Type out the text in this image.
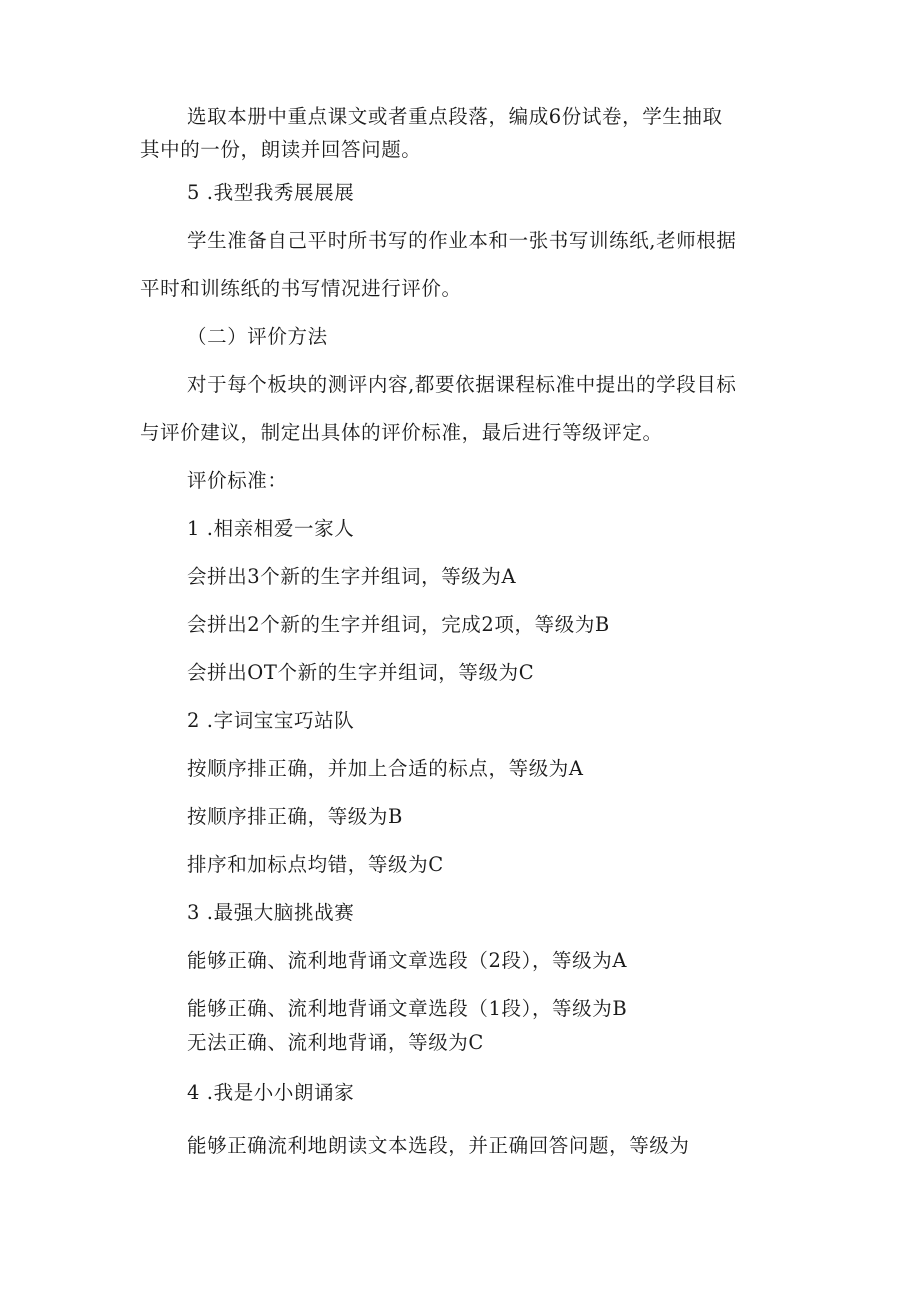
选取本册中重点课文或者重点段落，编成6份试卷，学生抽取
其中的一份，朗读并回答问题。
5 .我型我秀展展展
学生准备自己平时所书写的作业本和一张书写训练纸,老师根据
平时和训练纸的书写情况进行评价。
（二）评价方法
对于每个板块的测评内容,都要依据课程标准中提出的学段目标
与评价建议，制定出具体的评价标准，最后进行等级评定。
评价标准：
1 .相亲相爱一家人
会拼出3个新的生字并组词，等级为A
会拼出2个新的生字并组词，完成2项，等级为B
会拼出OT个新的生字并组词，等级为C
2 .字词宝宝巧站队
按顺序排正确，并加上合适的标点，等级为A
按顺序排正确，等级为B
排序和加标点均错，等级为C
3 .最强大脑挑战赛
能够正确、流利地背诵文章选段（2段），等级为A
能够正确、流利地背诵文章选段（1段），等级为B
无法正确、流利地背诵，等级为C
4 .我是小小朗诵家
能够正确流利地朗读文本选段，并正确回答问题，等级为
